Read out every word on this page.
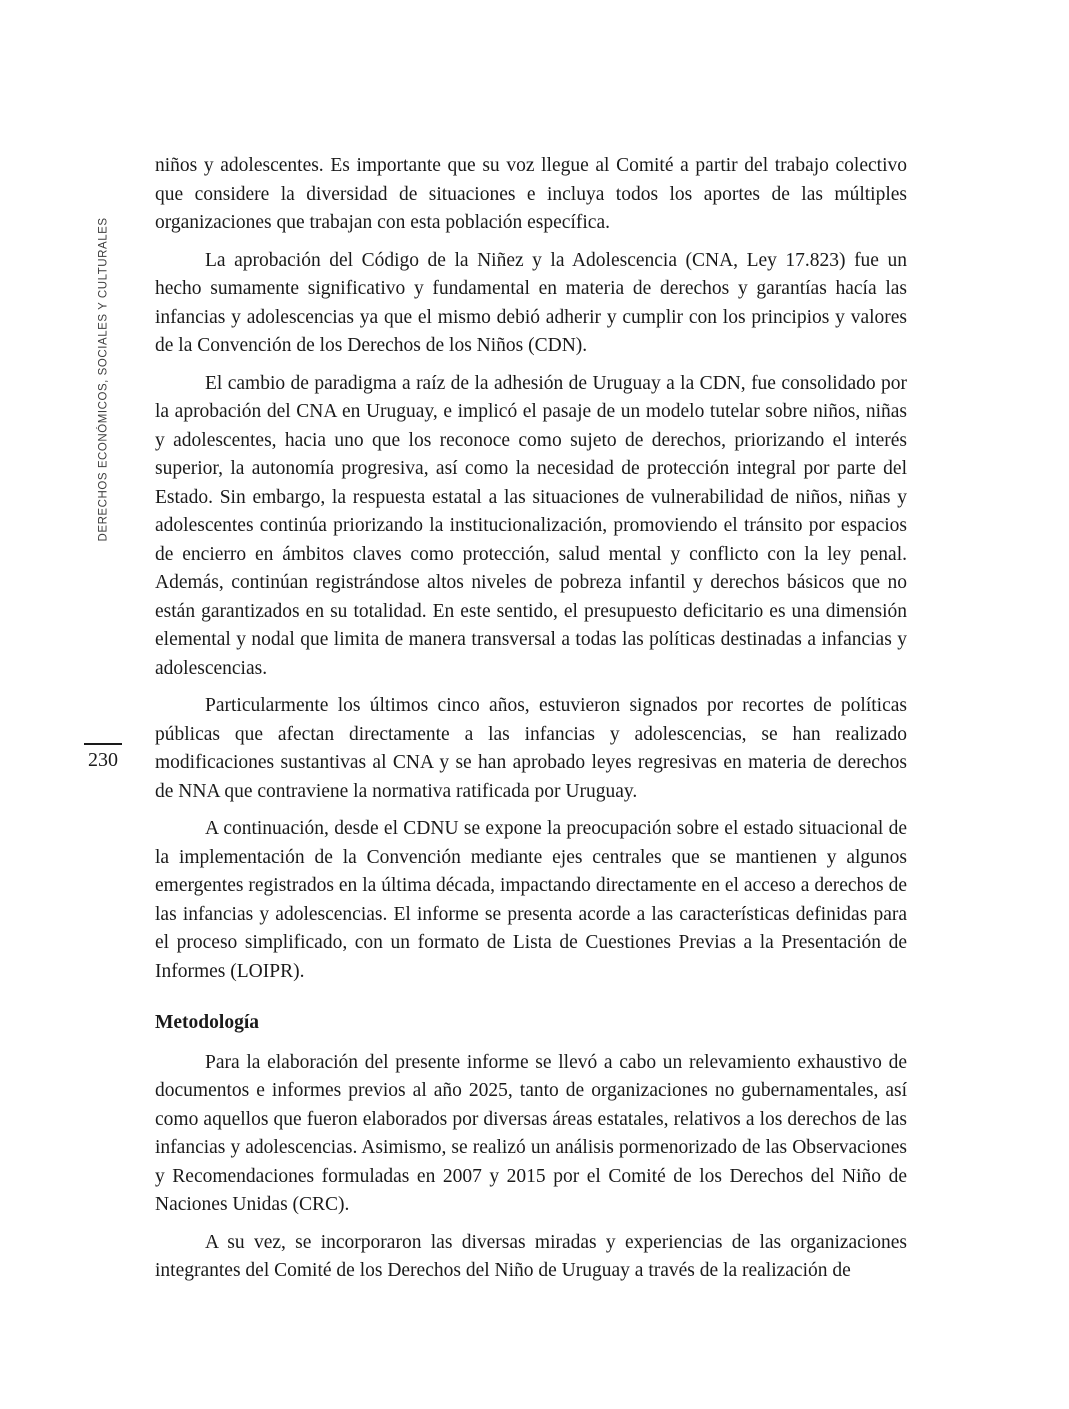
DERECHOS ECONÓMICOS, SOCIALES Y CULTURALES
230

niños y adolescentes. Es importante que su voz llegue al Comité a partir del trabajo colectivo que considere la diversidad de situaciones e incluya todos los aportes de las múltiples organizaciones que trabajan con esta población específica.

La aprobación del Código de la Niñez y la Adolescencia (CNA, Ley 17.823) fue un hecho sumamente significativo y fundamental en materia de derechos y garantías hacía las infancias y adolescencias ya que el mismo debió adherir y cumplir con los principios y valores de la Convención de los Derechos de los Niños (CDN).

El cambio de paradigma a raíz de la adhesión de Uruguay a la CDN, fue consolidado por la aprobación del CNA en Uruguay, e implicó el pasaje de un modelo tutelar sobre niños, niñas y adolescentes, hacia uno que los reconoce como sujeto de derechos, priorizando el interés superior, la autonomía progresiva, así como la necesidad de protección integral por parte del Estado. Sin embargo, la respuesta estatal a las situaciones de vulnerabilidad de niños, niñas y adolescentes continúa priorizando la institucionalización, promoviendo el tránsito por espacios de encierro en ámbitos claves como protección, salud mental y conflicto con la ley penal. Además, continúan registrándose altos niveles de pobreza infantil y derechos básicos que no están garantizados en su totalidad. En este sentido, el presupuesto deficitario es una dimensión elemental y nodal que limita de manera transversal a todas las políticas destinadas a infancias y adolescencias.

Particularmente los últimos cinco años, estuvieron signados por recortes de políticas públicas que afectan directamente a las infancias y adolescencias, se han realizado modificaciones sustantivas al CNA y se han aprobado leyes regresivas en materia de derechos de NNA que contraviene la normativa ratificada por Uruguay.

A continuación, desde el CDNU se expone la preocupación sobre el estado situacional de la implementación de la Convención mediante ejes centrales que se mantienen y algunos emergentes registrados en la última década, impactando directamente en el acceso a derechos de las infancias y adolescencias. El informe se presenta acorde a las características definidas para el proceso simplificado, con un formato de Lista de Cuestiones Previas a la Presentación de Informes (LOIPR).

Metodología

Para la elaboración del presente informe se llevó a cabo un relevamiento exhaustivo de documentos e informes previos al año 2025, tanto de organizaciones no gubernamentales, así como aquellos que fueron elaborados por diversas áreas estatales, relativos a los derechos de las infancias y adolescencias. Asimismo, se realizó un análisis pormenorizado de las Observaciones y Recomendaciones formuladas en 2007 y 2015 por el Comité de los Derechos del Niño de Naciones Unidas (CRC).

A su vez, se incorporaron las diversas miradas y experiencias de las organizaciones integrantes del Comité de los Derechos del Niño de Uruguay a través de la realización de
